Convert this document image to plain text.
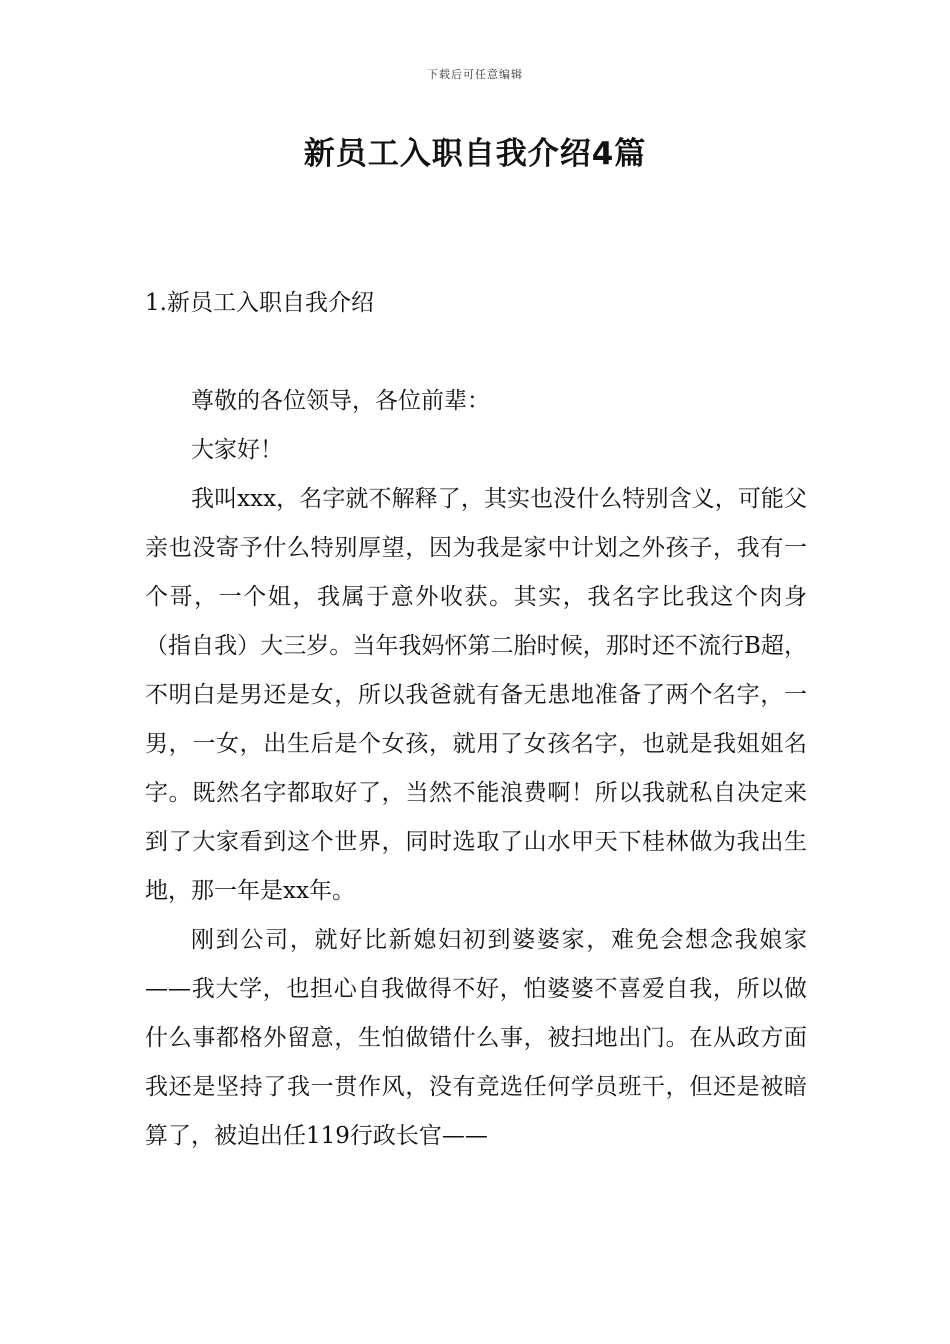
下载后可任意编辑
新员工入职自我介绍4篇
1.新员工入职自我介绍

尊敬的各位领导，各位前辈：

大家好！

我叫xxx，名字就不解释了，其实也没什么特别含义，可能父亲也没寄予什么特别厚望，因为我是家中计划之外孩子，我有一个哥，一个姐，我属于意外收获。其实，我名字比我这个肉身（指自我）大三岁。当年我妈怀第二胎时候，那时还不流行B超，不明白是男还是女，所以我爸就有备无患地准备了两个名字，一男，一女，出生后是个女孩，就用了女孩名字，也就是我姐姐名字。既然名字都取好了，当然不能浪费啊！所以我就私自决定来到了大家看到这个世界，同时选取了山水甲天下桂林做为我出生地，那一年是xx年。

刚到公司，就好比新媳妇初到婆婆家，难免会想念我娘家——我大学，也担心自我做得不好，怕婆婆不喜爱自我，所以做什么事都格外留意，生怕做错什么事，被扫地出门。在从政方面我还是坚持了我一贯作风，没有竞选任何学员班干，但还是被暗算了，被迫出任119行政长官——
